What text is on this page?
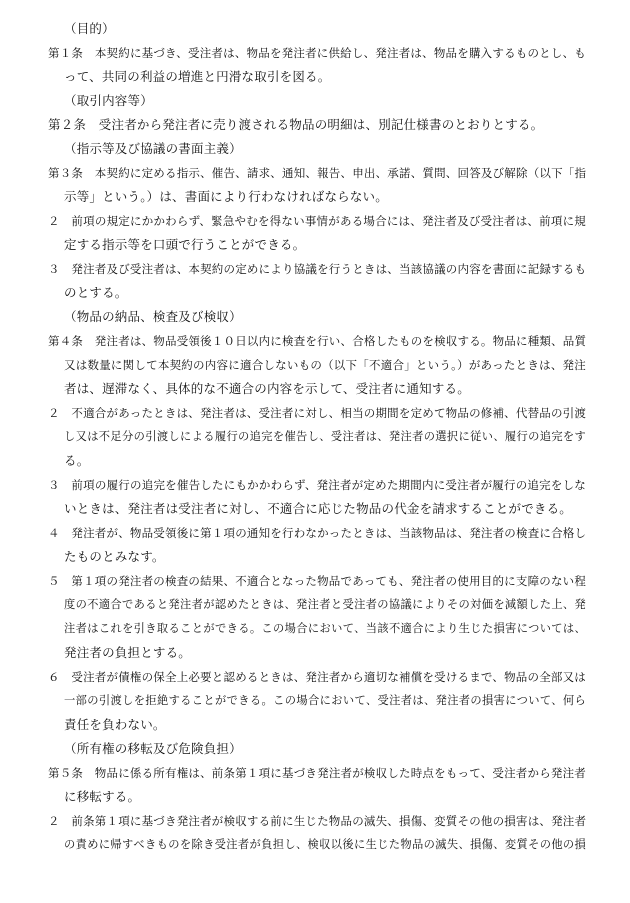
（目的）
第１条　本契約に基づき、受注者は、物品を発注者に供給し、発注者は、物品を購入するものとし、も
って、共同の利益の増進と円滑な取引を図る。
（取引内容等）
第２条　受注者から発注者に売り渡される物品の明細は、別記仕様書のとおりとする。
（指示等及び協議の書面主義）
第３条　本契約に定める指示、催告、請求、通知、報告、申出、承諾、質問、回答及び解除（以下「指
示等」という。）は、書面により行わなければならない。
２　前項の規定にかかわらず、緊急やむを得ない事情がある場合には、発注者及び受注者は、前項に規
定する指示等を口頭で行うことができる。
３　発注者及び受注者は、本契約の定めにより協議を行うときは、当該協議の内容を書面に記録するも
のとする。
（物品の納品、検査及び検収）
第４条　発注者は、物品受領後１０日以内に検査を行い、合格したものを検収する。物品に種類、品質
又は数量に関して本契約の内容に適合しないもの（以下「不適合」という。）があったときは、発注
者は、遅滞なく、具体的な不適合の内容を示して、受注者に通知する。
２　不適合があったときは、発注者は、受注者に対し、相当の期間を定めて物品の修補、代替品の引渡
し又は不足分の引渡しによる履行の追完を催告し、受注者は、発注者の選択に従い、履行の追完をす
る。
３　前項の履行の追完を催告したにもかかわらず、発注者が定めた期間内に受注者が履行の追完をしな
いときは、発注者は受注者に対し、不適合に応じた物品の代金を請求することができる。
４　発注者が、物品受領後に第１項の通知を行わなかったときは、当該物品は、発注者の検査に合格し
たものとみなす。
５　第１項の発注者の検査の結果、不適合となった物品であっても、発注者の使用目的に支障のない程
度の不適合であると発注者が認めたときは、発注者と受注者の協議によりその対価を減額した上、発
注者はこれを引き取ることができる。この場合において、当該不適合により生じた損害については、
発注者の負担とする。
６　受注者が債権の保全上必要と認めるときは、発注者から適切な補償を受けるまで、物品の全部又は
一部の引渡しを拒絶することができる。この場合において、受注者は、発注者の損害について、何ら
責任を負わない。
（所有権の移転及び危険負担）
第５条　物品に係る所有権は、前条第１項に基づき発注者が検収した時点をもって、受注者から発注者
に移転する。
２　前条第１項に基づき発注者が検収する前に生じた物品の滅失、損傷、変質その他の損害は、発注者
の責めに帰すべきものを除き受注者が負担し、検収以後に生じた物品の滅失、損傷、変質その他の損
